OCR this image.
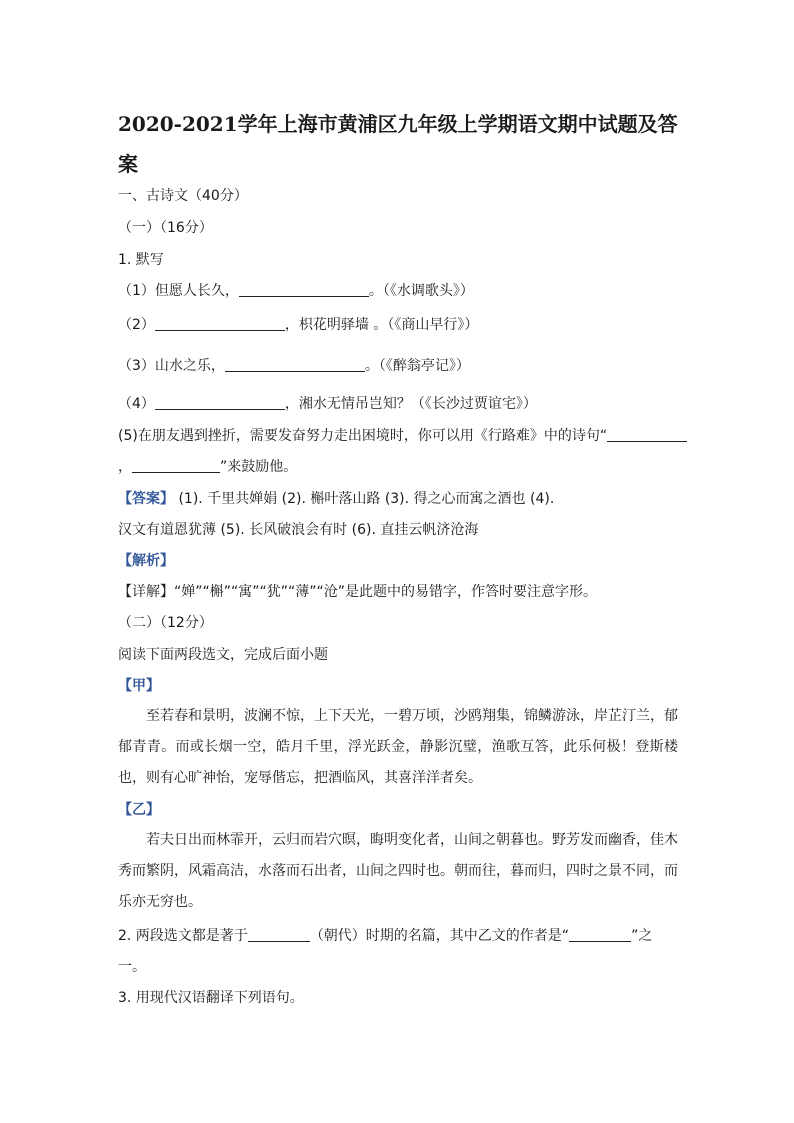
2020-2021学年上海市黄浦区九年级上学期语文期中试题及答案
一、古诗文（40分）
（一）（16分）
1. 默写
（1）但愿人长久，	。（《水调歌头》）
（2）	，枳花明驿墙 。（《商山早行》）
（3）山水之乐，	。（《醉翁亭记》）
（4）	，湘水无情吊岂知？（《长沙过贾谊宅》）
(5)在朋友遇到挫折，需要发奋努力走出困境时，你可以用《行路难》中的诗句“
，	”来鼓励他。
【答案】 (1). 千里共婵娟 (2). 槲叶落山路 (3). 得之心而寓之酒也 (4).
汉文有道恩犹薄 (5). 长风破浪会有时 (6). 直挂云帆济沧海
【解析】
【详解】“婵”“槲”“寓”“犹”“薄”“沧”是此题中的易错字，作答时要注意字形。
（二）（12分）
阅读下面两段选文，完成后面小题
【甲】

至若春和景明，波澜不惊，上下天光，一碧万顷，沙鸥翔集，锦鳞游泳，岸芷汀兰，郁郁青青。而或长烟一空，皓月千里，浮光跃金，静影沉璧，渔歌互答，此乐何极！登斯楼也，则有心旷神怡，宠辱偕忘，把酒临风，其喜洋洋者矣。

【乙】

若夫日出而林霏开，云归而岩穴暝，晦明变化者，山间之朝暮也。野芳发而幽香，佳木秀而繁阴，风霜高洁，水落而石出者，山间之四时也。朝而往，暮而归，四时之景不同，而乐亦无穷也。

2. 两段选文都是著于	（朝代）时期的名篇，其中乙文的作者是“	”之
一。
3. 用现代汉语翻译下列语句。
